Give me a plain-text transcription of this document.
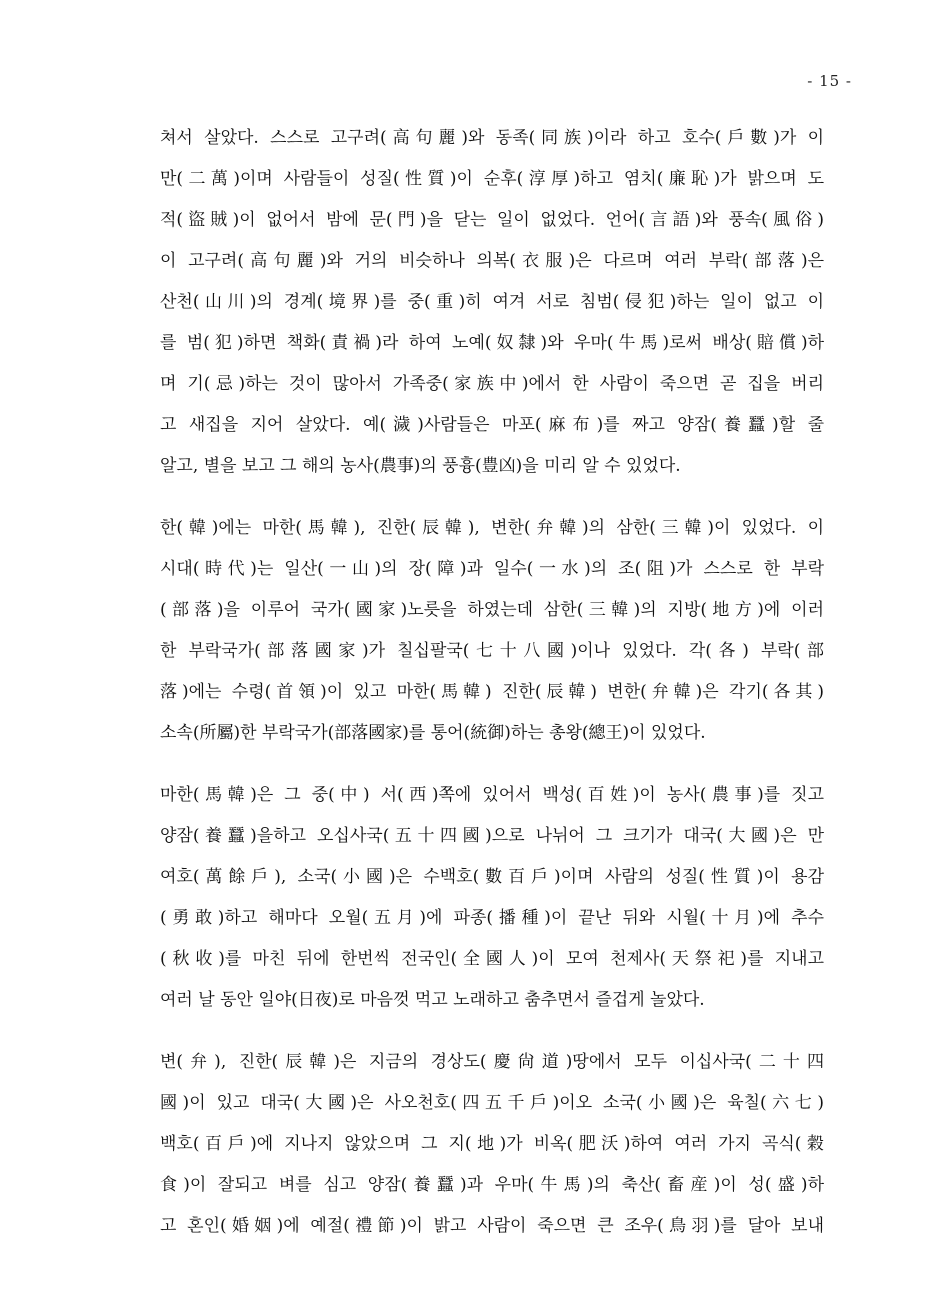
- 15 -
쳐서 살았다. 스스로 고구려(高句麗)와 동족(同族)이라 하고 호수(戶數)가 이
만(二萬)이며 사람들이 성질(性質)이 순후(淳厚)하고 염치(廉恥)가 밝으며 도
적(盜賊)이 없어서 밤에 문(門)을 닫는 일이 없었다. 언어(言語)와 풍속(風俗)
이 고구려(高句麗)와 거의 비슷하나 의복(衣服)은 다르며 여러 부락(部落)은
산천(山川)의 경계(境界)를 중(重)히 여겨 서로 침범(侵犯)하는 일이 없고 이
를 범(犯)하면 책화(責禍)라 하여 노예(奴隸)와 우마(牛馬)로써 배상(賠償)하
며 기(忌)하는 것이 많아서 가족중(家族中)에서 한 사람이 죽으면 곧 집을 버리
고 새집을 지어 살았다. 예(濊)사람들은 마포(麻布)를 짜고 양잠(養蠶)할 줄
알고, 별을 보고 그 해의 농사(農事)의 풍흉(豊凶)을 미리 알 수 있었다.
한(韓)에는 마한(馬韓), 진한(辰韓), 변한(弁韓)의 삼한(三韓)이 있었다. 이
시대(時代)는 일산(一山)의 장(障)과 일수(一水)의 조(阻)가 스스로 한 부락
(部落)을 이루어 국가(國家)노릇을 하였는데 삼한(三韓)의 지방(地方)에 이러
한 부락국가(部落國家)가 칠십팔국(七十八國)이나 있었다. 각(各) 부락(部
落)에는 수령(首領)이 있고 마한(馬韓) 진한(辰韓) 변한(弁韓)은 각기(各其)
소속(所屬)한 부락국가(部落國家)를 통어(統御)하는 총왕(總王)이 있었다.
마한(馬韓)은 그 중(中) 서(西)쪽에 있어서 백성(百姓)이 농사(農事)를 짓고
양잠(養蠶)을하고 오십사국(五十四國)으로 나뉘어 그 크기가 대국(大國)은 만
여호(萬餘戶), 소국(小國)은 수백호(數百戶)이며 사람의 성질(性質)이 용감
(勇敢)하고 해마다 오월(五月)에 파종(播種)이 끝난 뒤와 시월(十月)에 추수
(秋收)를 마친 뒤에 한번씩 전국인(全國人)이 모여 천제사(天祭祀)를 지내고
여러 날 동안 일야(日夜)로 마음껏 먹고 노래하고 춤추면서 즐겁게 놀았다.
변(弁), 진한(辰韓)은 지금의 경상도(慶尙道)땅에서 모두 이십사국(二十四
國)이 있고 대국(大國)은 사오천호(四五千戶)이오 소국(小國)은 육칠(六七)
백호(百戶)에 지나지 않았으며 그 지(地)가 비옥(肥沃)하여 여러 가지 곡식(穀
食)이 잘되고 벼를 심고 양잠(養蠶)과 우마(牛馬)의 축산(畜産)이 성(盛)하
고 혼인(婚姻)에 예절(禮節)이 밝고 사람이 죽으면 큰 조우(鳥羽)를 달아 보내
